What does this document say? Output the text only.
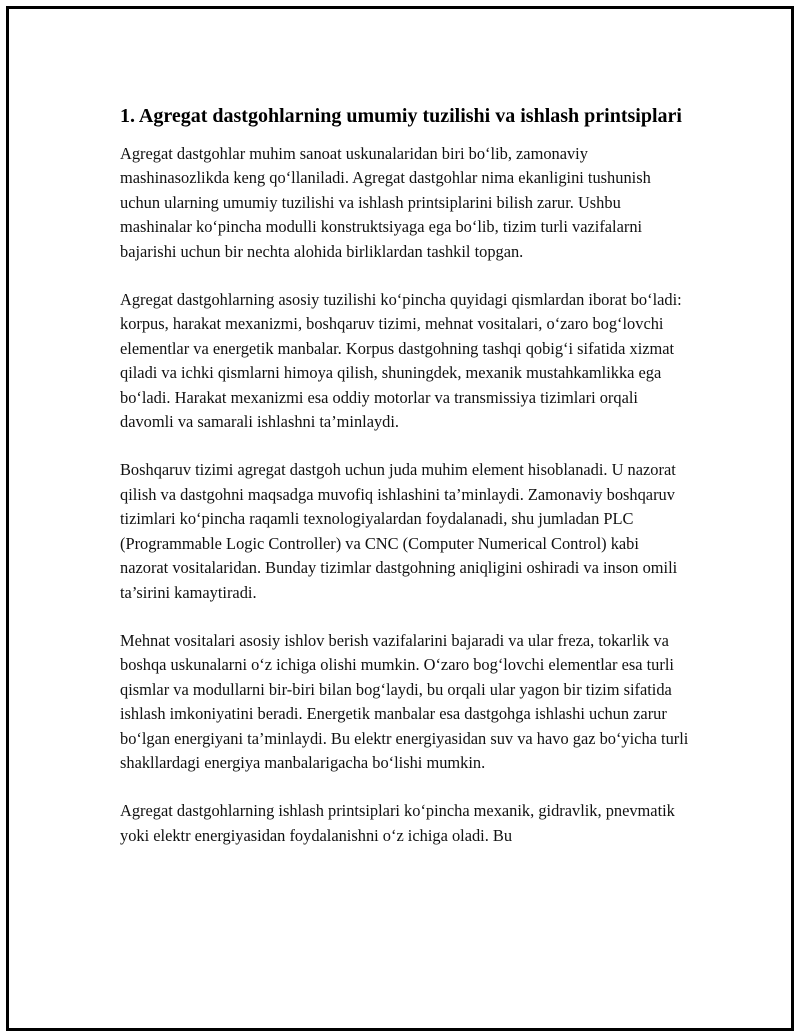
1. Agregat dastgohlarning umumiy tuzilishi va ishlash printsiplari

Agregat dastgohlar muhim sanoat uskunalaridan biri bo‘lib, zamonaviy mashinasozlikda keng qo‘llaniladi. Agregat dastgohlar nima ekanligini tushunish uchun ularning umumiy tuzilishi va ishlash printsiplarini bilish zarur. Ushbu mashinalar ko‘pincha modulli konstruktsiyaga ega bo‘lib, tizim turli vazifalarni bajarishi uchun bir nechta alohida birliklardan tashkil topgan.

Agregat dastgohlarning asosiy tuzilishi ko‘pincha quyidagi qismlardan iborat bo‘ladi: korpus, harakat mexanizmi, boshqaruv tizimi, mehnat vositalari, o‘zaro bog‘lovchi elementlar va energetik manbalar. Korpus dastgohning tashqi qobig‘i sifatida xizmat qiladi va ichki qismlarni himoya qilish, shuningdek, mexanik mustahkamlikka ega bo‘ladi. Harakat mexanizmi esa oddiy motorlar va transmissiya tizimlari orqali davomli va samarali ishlashni ta’minlaydi.

Boshqaruv tizimi agregat dastgoh uchun juda muhim element hisoblanadi. U nazorat qilish va dastgohni maqsadga muvofiq ishlashini ta’minlaydi. Zamonaviy boshqaruv tizimlari ko‘pincha raqamli texnologiyalardan foydalanadi, shu jumladan PLC (Programmable Logic Controller) va CNC (Computer Numerical Control) kabi nazorat vositalaridan. Bunday tizimlar dastgohning aniqligini oshiradi va inson omili ta’sirini kamaytiradi.

Mehnat vositalari asosiy ishlov berish vazifalarini bajaradi va ular freza, tokarlik va boshqa uskunalarni o‘z ichiga olishi mumkin. O‘zaro bog‘lovchi elementlar esa turli qismlar va modullarni bir-biri bilan bog‘laydi, bu orqali ular yagon bir tizim sifatida ishlash imkoniyatini beradi. Energetik manbalar esa dastgohga ishlashi uchun zarur bo‘lgan energiyani ta’minlaydi. Bu elektr energiyasidan suv va havo gaz bo‘yicha turli shakllardagi energiya manbalarigacha bo‘lishi mumkin.

Agregat dastgohlarning ishlash printsiplari ko‘pincha mexanik, gidravlik, pnevmatik yoki elektr energiyasidan foydalanishni o‘z ichiga oladi. Bu
